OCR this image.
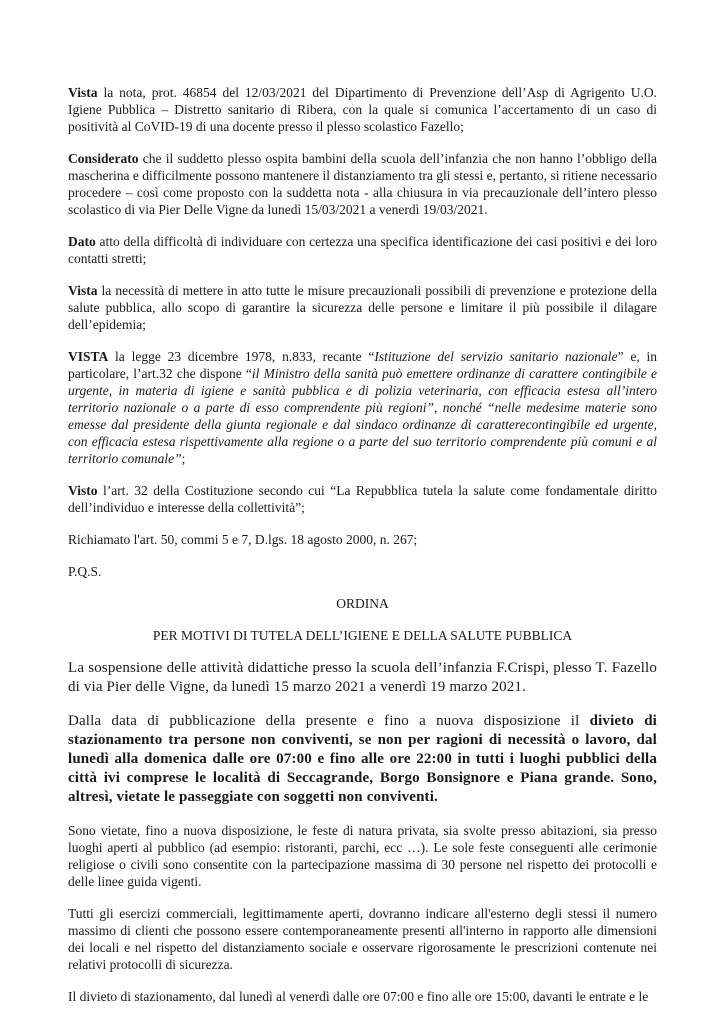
Vista la nota, prot. 46854 del 12/03/2021 del Dipartimento di Prevenzione dell’Asp di Agrigento U.O. Igiene Pubblica – Distretto sanitario di Ribera, con la quale si comunica l’accertamento di un caso di positività al CoVID-19 di una docente presso il plesso scolastico Fazello;

Considerato che il suddetto plesso ospita bambini della scuola dell’infanzia che non hanno l’obbligo della mascherina e difficilmente possono mantenere il distanziamento tra gli stessi e, pertanto, si ritiene necessario procedere – così come proposto con la suddetta nota - alla chiusura in via precauzionale dell’intero plesso scolastico di via Pier Delle Vigne da lunedì 15/03/2021 a venerdì 19/03/2021.

Dato atto della difficoltà di individuare con certezza una specifica identificazione dei casi positivi e dei loro contatti stretti;

Vista la necessità di mettere in atto tutte le misure precauzionali possibili di prevenzione e protezione della salute pubblica, allo scopo di garantire la sicurezza delle persone e limitare il più possibile il dilagare dell’epidemia;

VISTA la legge 23 dicembre 1978, n.833, recante “Istituzione del servizio sanitario nazionale” e, in particolare, l’art.32 che dispone “il Ministro della sanità può emettere ordinanze di carattere contingibile e urgente, in materia di igiene e sanità pubblica e di polizia veterinaria, con efficacia estesa all’intero territorio nazionale o a parte di esso comprendente più regioni”, nonché “nelle medesime materie sono emesse dal presidente della giunta regionale e dal sindaco ordinanze di caratterecontingibile ed urgente, con efficacia estesa rispettivamente alla regione o a parte del suo territorio comprendente più comuni e al territorio comunale”;

Visto l’art. 32 della Costituzione secondo cui “La Repubblica tutela la salute come fondamentale diritto dell’individuo e interesse della collettività”;

Richiamato l'art. 50, commi 5 e 7, D.lgs. 18 agosto 2000, n. 267;

P.Q.S.

ORDINA

PER MOTIVI DI TUTELA DELL’IGIENE E DELLA SALUTE PUBBLICA

La sospensione delle attività didattiche presso la scuola dell’infanzia F.Crispi, plesso T. Fazello di via Pier delle Vigne, da lunedì 15 marzo 2021 a venerdì 19 marzo 2021.

Dalla data di pubblicazione della presente e fino a nuova disposizione il divieto di stazionamento tra persone non conviventi, se non per ragioni di necessità o lavoro, dal lunedì alla domenica dalle ore 07:00 e fino alle ore 22:00 in tutti i luoghi pubblici della città ivi comprese le località di Seccagrande, Borgo Bonsignore e Piana grande. Sono, altresì, vietate le passeggiate con soggetti non conviventi.

Sono vietate, fino a nuova disposizione, le feste di natura privata, sia svolte presso abitazioni, sia presso luoghi aperti al pubblico (ad esempio: ristoranti, parchi, ecc …). Le sole feste conseguenti alle cerimonie religiose o civili sono consentite con la partecipazione massima di 30 persone nel rispetto dei protocolli e delle linee guida vigenti.

Tutti gli esercizi commerciali, legittimamente aperti, dovranno indicare all'esterno degli stessi il numero massimo di clienti che possono essere contemporaneamente presenti all'interno in rapporto alle dimensioni dei locali e nel rispetto del distanziamento sociale e osservare rigorosamente le prescrizioni contenute nei relativi protocolli di sicurezza.

Il divieto di stazionamento, dal lunedì al venerdì dalle ore 07:00 e fino alle ore 15:00, davanti le entrate e le
